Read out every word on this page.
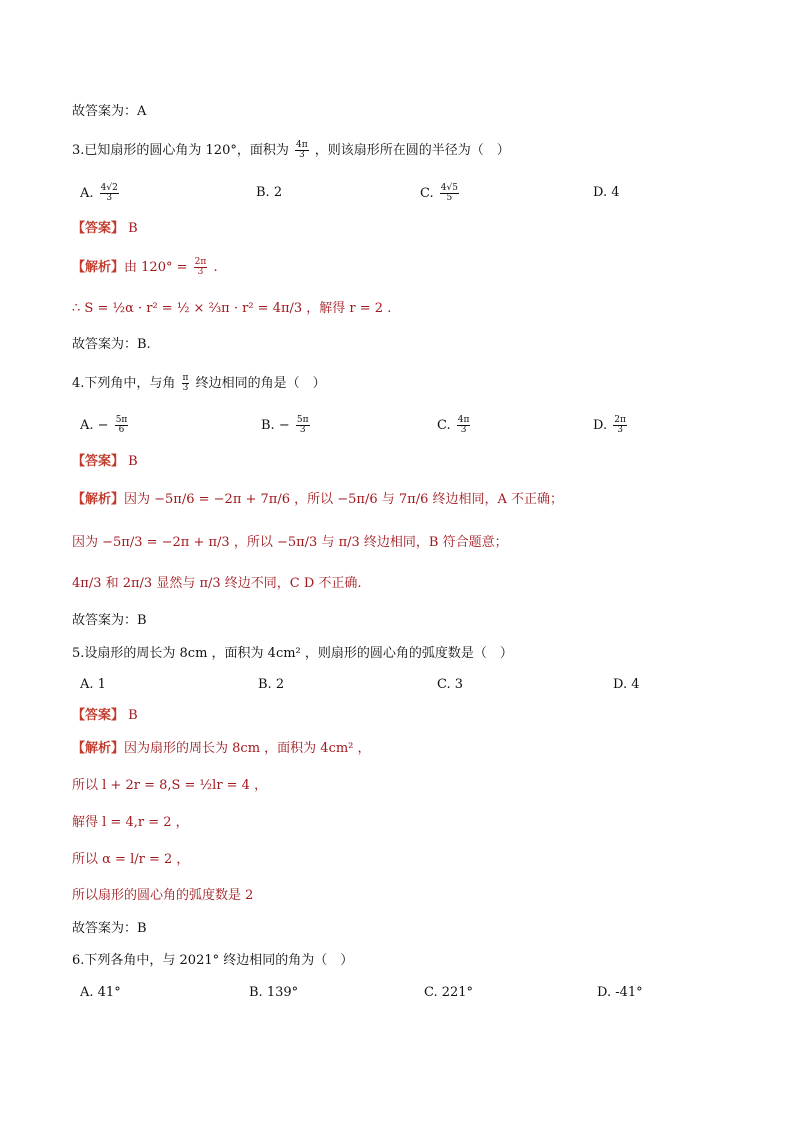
故答案为：A
3.已知扇形的圆心角为 120°，面积为 $\frac{4\pi}{3}$ ，则该扇形所在圆的半径为（　）
A. $\frac{4√2}{3}$	B. 2	C. $\frac{4√5}{5}$	D. 4
【答案】 B
【解析】由 $120^\circ = \frac{2\pi}{3}$ .
∴ S = ½α · r² = ½ × ⅔π · r² = 4π/3 ，解得 r = 2 .
故答案为：B.
4.下列角中，与角 $\frac{\pi}{3}$ 终边相同的角是（　）
A. − $\frac{5\pi}{6}$	B. − $\frac{5\pi}{3}$	C. $\frac{4\pi}{3}$	D. $\frac{2\pi}{3}$
【答案】 B
【解析】因为 −5π/6 = −2π + 7π/6 ，所以 −5π/6 与 7π/6 终边相同，A 不正确；
因为 −5π/3 = −2π + π/3 ，所以 −5π/3 与 π/3 终边相同，B 符合题意；
4π/3 和 2π/3 显然与 π/3 终边不同，C D 不正确.
故答案为：B
5.设扇形的周长为 8cm ，面积为 4cm² ，则扇形的圆心角的弧度数是（　）
A. 1	B. 2	C. 3	D. 4
【答案】 B
【解析】因为扇形的周长为 8cm ，面积为 4cm² ，
所以 l + 2r = 8,S = ½lr = 4 ，
解得 l = 4,r = 2 ，
所以 α = l/r = 2 ，
所以扇形的圆心角的弧度数是 2
故答案为：B
6.下列各角中，与 2021° 终边相同的角为（　）
A. 41°	B. 139°	C. 221°	D. -41°
